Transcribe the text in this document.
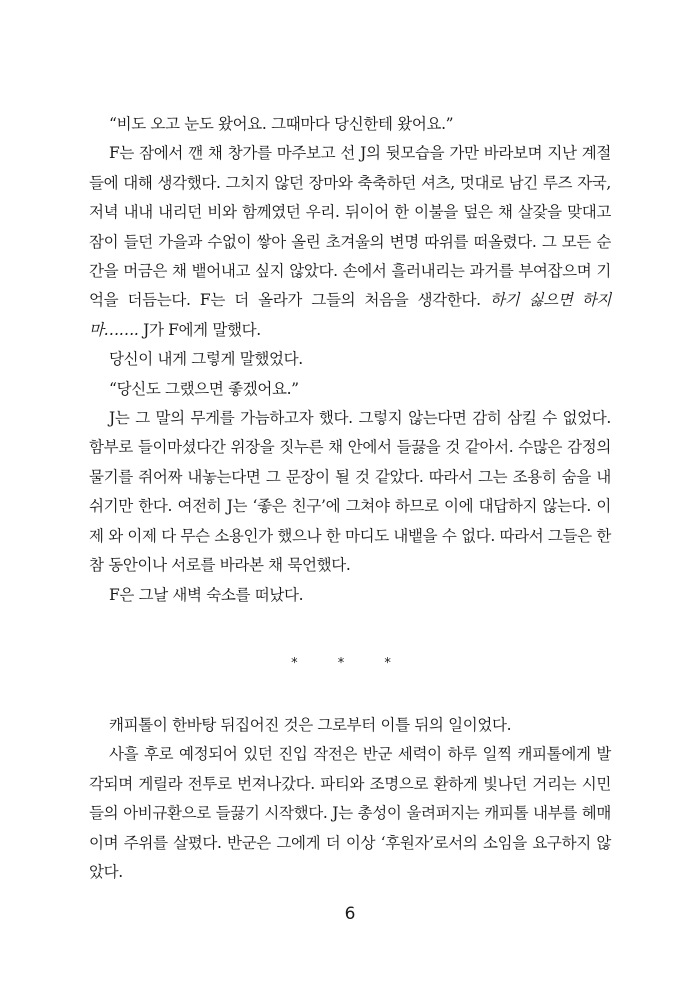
“비도 오고 눈도 왔어요. 그때마다 당신한테 왔어요.”

F는 잠에서 깬 채 창가를 마주보고 선 J의 뒷모습을 가만 바라보며 지난 계절들에 대해 생각했다. 그치지 않던 장마와 축축하던 셔츠, 멋대로 남긴 루즈 자국, 저녁 내내 내리던 비와 함께였던 우리. 뒤이어 한 이불을 덮은 채 살갗을 맞대고 잠이 들던 가을과 수없이 쌓아 올린 초겨울의 변명 따위를 떠올렸다. 그 모든 순간을 머금은 채 뱉어내고 싶지 않았다. 손에서 흘러내리는 과거를 부여잡으며 기억을 더듬는다. F는 더 올라가 그들의 처음을 생각한다. 하기 싫으면 하지 마……. J가 F에게 말했다.

당신이 내게 그렇게 말했었다.

“당신도 그랬으면 좋겠어요.”

J는 그 말의 무게를 가늠하고자 했다. 그렇지 않는다면 감히 삼킬 수 없었다. 함부로 들이마셨다간 위장을 짓누른 채 안에서 들끓을 것 같아서. 수많은 감정의 물기를 쥐어짜 내놓는다면 그 문장이 될 것 같았다. 따라서 그는 조용히 숨을 내쉬기만 한다. 여전히 J는 ‘좋은 친구’에 그쳐야 하므로 이에 대답하지 않는다. 이제 와 이제 다 무슨 소용인가 했으나 한 마디도 내뱉을 수 없다. 따라서 그들은 한참 동안이나 서로를 바라본 채 묵언했다.

F은 그날 새벽 숙소를 떠났다.

* * *

캐피톨이 한바탕 뒤집어진 것은 그로부터 이틀 뒤의 일이었다.

사흘 후로 예정되어 있던 진입 작전은 반군 세력이 하루 일찍 캐피톨에게 발각되며 게릴라 전투로 번져나갔다. 파티와 조명으로 환하게 빛나던 거리는 시민들의 아비규환으로 들끓기 시작했다. J는 총성이 울려퍼지는 캐피톨 내부를 헤매이며 주위를 살폈다. 반군은 그에게 더 이상 ‘후원자’로서의 소임을 요구하지 않았다.

6
